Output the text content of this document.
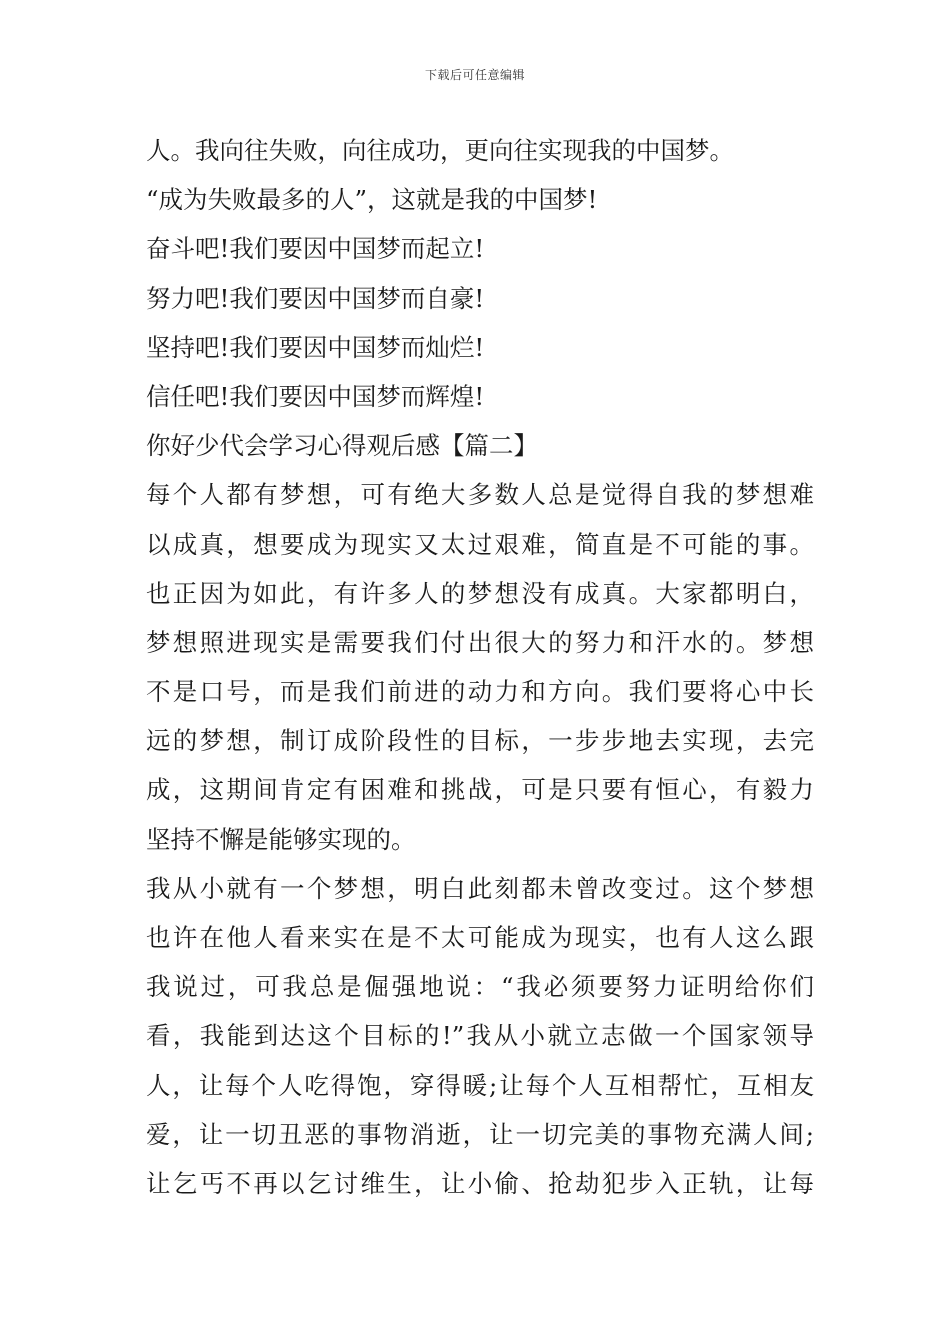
下载后可任意编辑
人。我向往失败，向往成功，更向往实现我的中国梦。
“成为失败最多的人”，这就是我的中国梦!
奋斗吧!我们要因中国梦而起立!
努力吧!我们要因中国梦而自豪!
坚持吧!我们要因中国梦而灿烂!
信任吧!我们要因中国梦而辉煌!
你好少代会学习心得观后感【篇二】
每个人都有梦想，可有绝大多数人总是觉得自我的梦想难
以成真，想要成为现实又太过艰难，简直是不可能的事。
也正因为如此，有许多人的梦想没有成真。大家都明白，
梦想照进现实是需要我们付出很大的努力和汗水的。梦想
不是口号，而是我们前进的动力和方向。我们要将心中长
远的梦想，制订成阶段性的目标，一步步地去实现，去完
成，这期间肯定有困难和挑战，可是只要有恒心，有毅力
坚持不懈是能够实现的。
我从小就有一个梦想，明白此刻都未曾改变过。这个梦想
也许在他人看来实在是不太可能成为现实，也有人这么跟
我说过，可我总是倔强地说：“我必须要努力证明给你们
看，我能到达这个目标的!”我从小就立志做一个国家领导
人，让每个人吃得饱，穿得暖;让每个人互相帮忙，互相友
爱，让一切丑恶的事物消逝，让一切完美的事物充满人间;
让乞丐不再以乞讨维生，让小偷、抢劫犯步入正轨，让每
